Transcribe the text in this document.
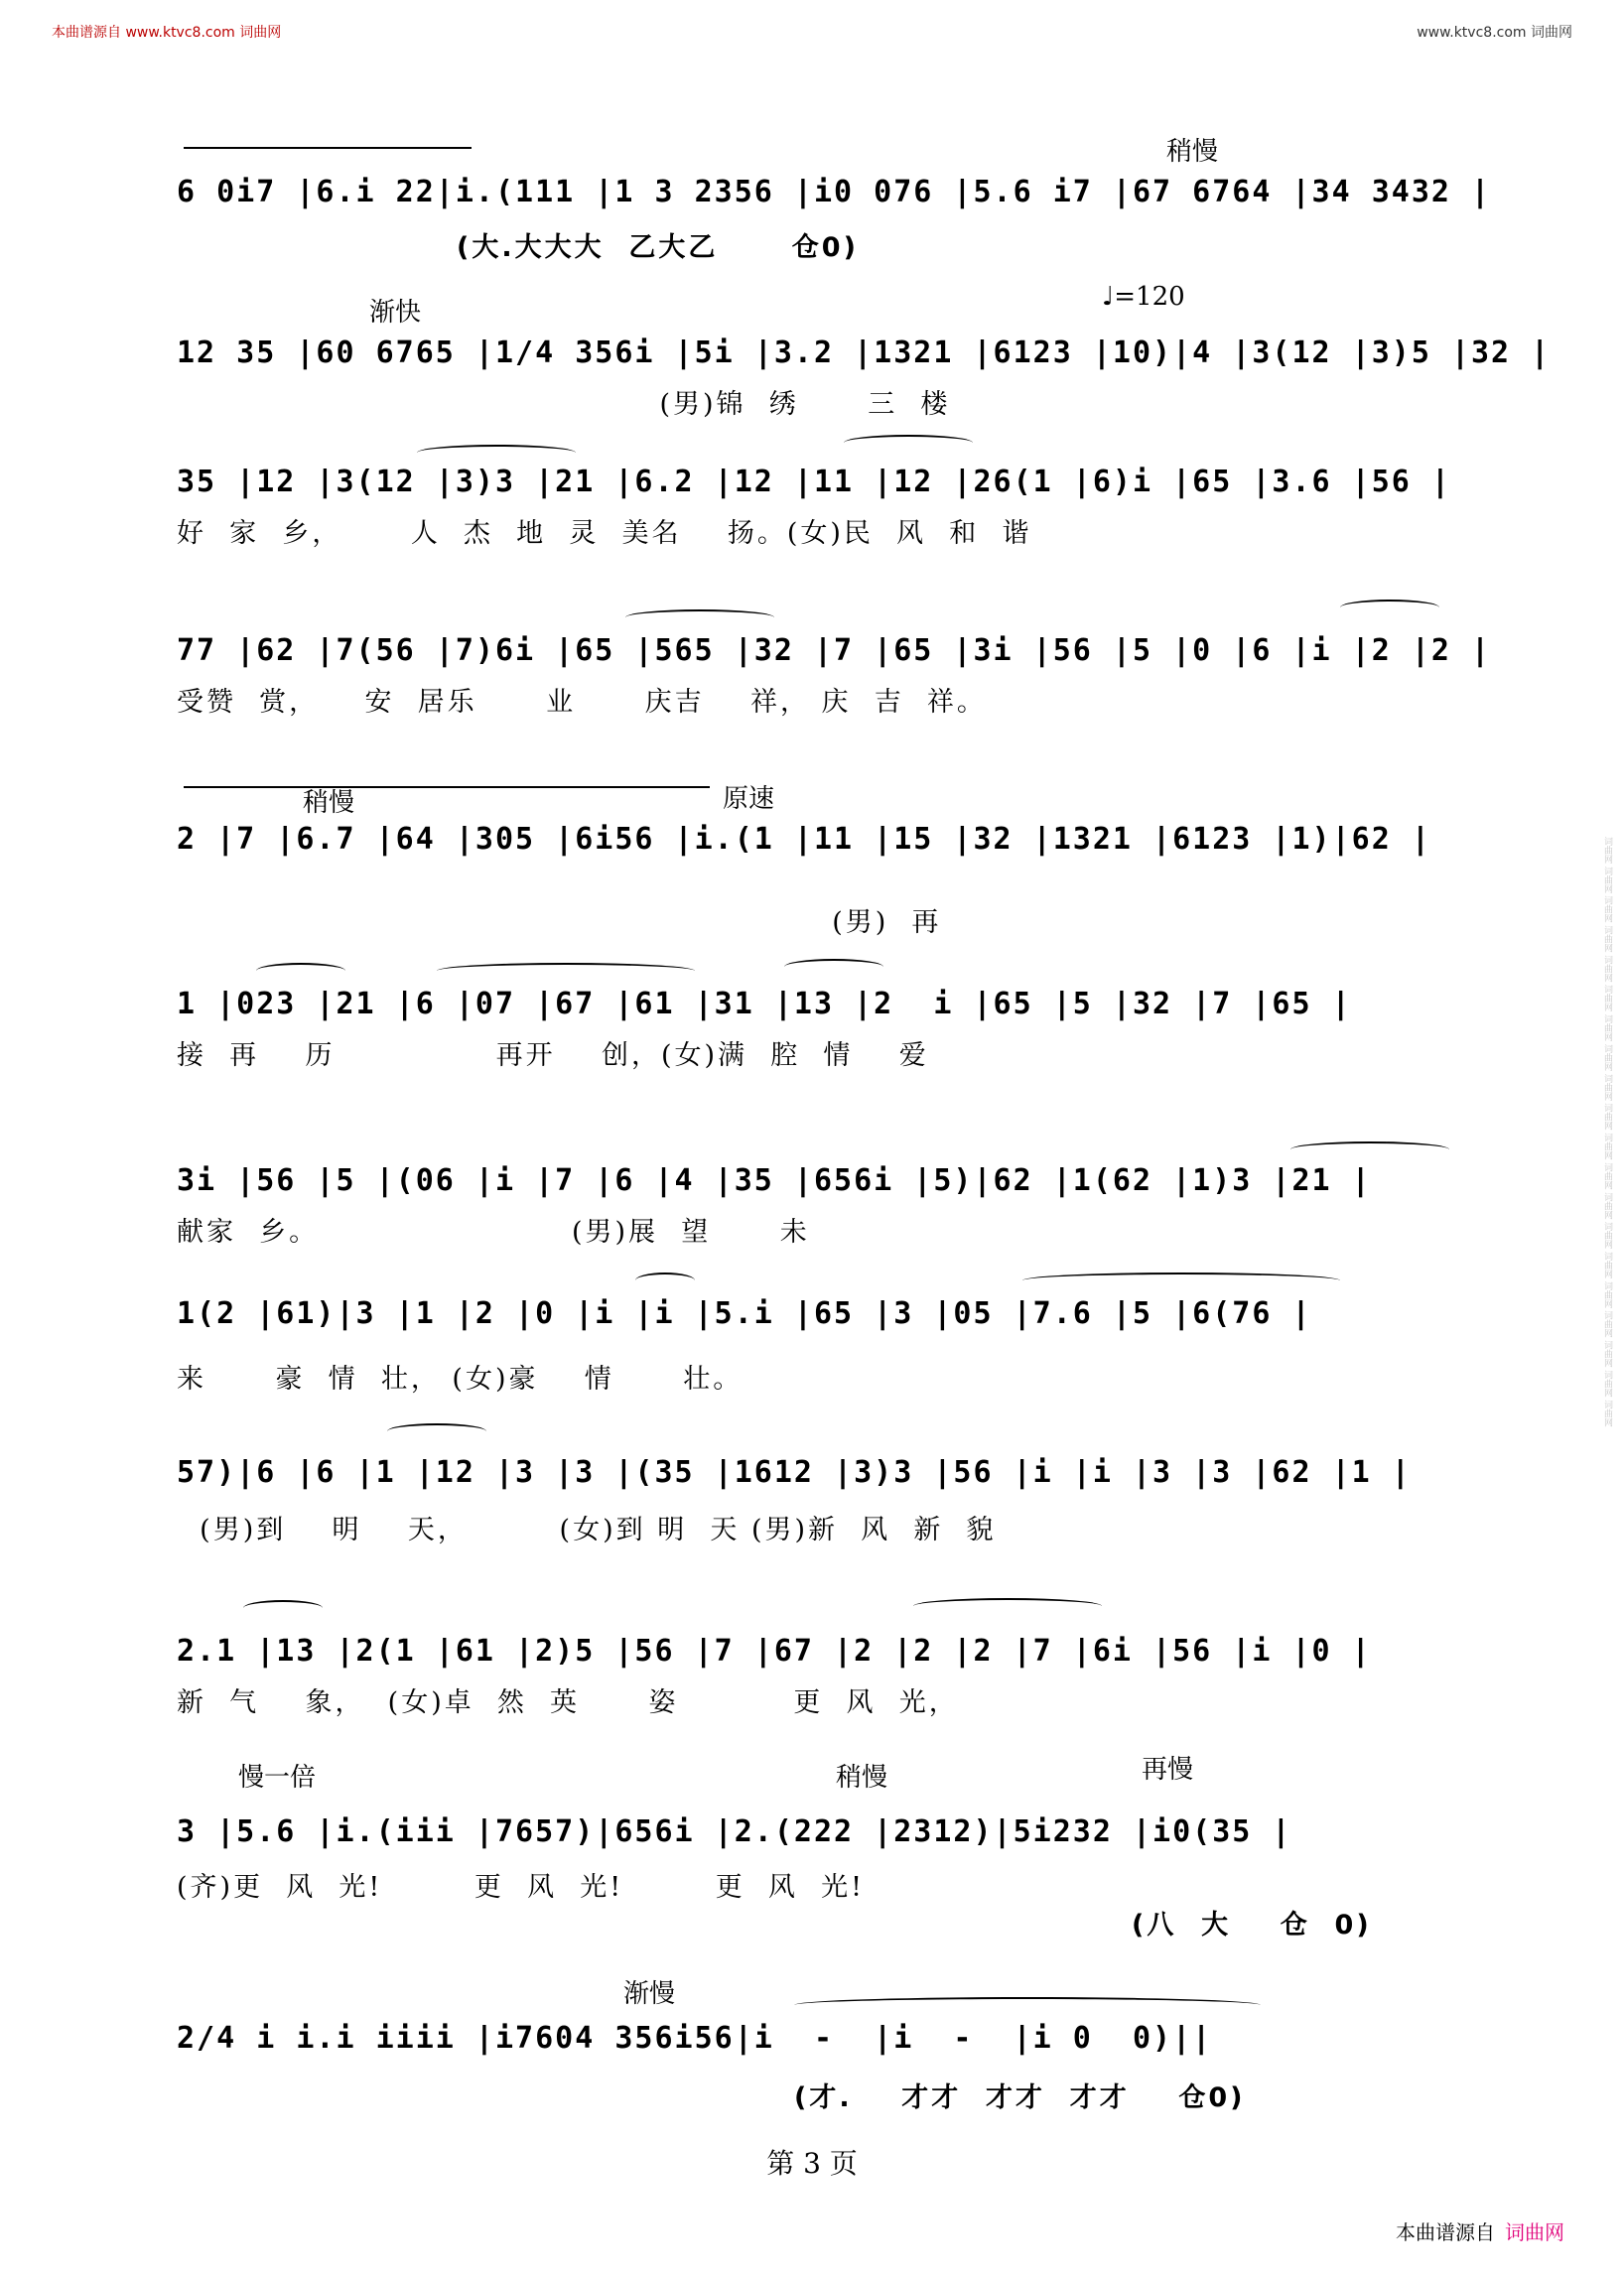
本曲谱源自 www.ktvc8.com 词曲网	www.ktvc8.com 词曲网
词曲网 词曲网 词曲网 词曲网 词曲网 词曲网 词曲网 词曲网 词曲网 词曲网 词曲网 词曲网 词曲网 词曲网 词曲网 词曲网 词曲网 词曲网 词曲网 词曲网
稍慢
6 0i7 |6.i 22|i.(111 |1 3 2356 |i0 076 |5.6 i7 |67 6764 |34 3432 |
(大.大大大  乙大乙      仓0)
渐快
♩=120
12 35 |60 6765 |1/4 356i |5i |3.2 |1321 |6123 |10)|4 |3(12 |3)5 |32 |
(男)锦  绣      三  楼
35 |12 |3(12 |3)3 |21 |6.2 |12 |11 |12 |26(1 |6)i |65 |3.6 |56 |
好  家  乡，      人  杰  地  灵  美名    扬。(女)民  风  和  谐
77 |62 |7(56 |7)6i |65 |565 |32 |7 |65 |3i |56 |5 |0 |6 |i |2 |2 |
受赞  赏，    安  居乐      业      庆吉    祥， 庆  吉  祥。
稍慢	原速
2 |7 |6.7 |64 |305 |6i56 |i.(1 |11 |15 |32 |1321 |6123 |1)|62 |
(男)  再
1 |023 |21 |6 |07 |67 |61 |31 |13 |2  i |65 |5 |32 |7 |65 |
接  再    历              再开    创，(女)满  腔  情    爱
3i |56 |5 |(06 |i |7 |6 |4 |35 |656i |5)|62 |1(62 |1)3 |21 |
献家  乡。                      (男)展  望      未
1(2 |61)|3 |1 |2 |0 |i |i |5.i |65 |3 |05 |7.6 |5 |6(76 |
来      豪  情  壮， (女)豪    情      壮。
57)|6 |6 |1 |12 |3 |3 |(35 |1612 |3)3 |56 |i |i |3 |3 |62 |1 |
(男)到    明    天，        (女)到 明  天 (男)新  风  新  貌
2.1 |13 |2(1 |61 |2)5 |56 |7 |67 |2 |2 |2 |7 |6i |56 |i |0 |
新  气    象，  (女)卓  然  英      姿          更  风  光，
慢一倍	稍慢	再慢
3 |5.6 |i.(iii |7657)|656i |2.(222 |2312)|5i232 |i0(35 |
(齐)更  风  光!        更  风  光!        更  风  光!
(八  大    仓  0)
渐慢
2/4 i i.i iiii |i7604 356i56|i  -  |i  -  |i 0  0)||
(才.    才才  才才  才才    仓0)
第 3 页
本曲谱源自 词曲网
